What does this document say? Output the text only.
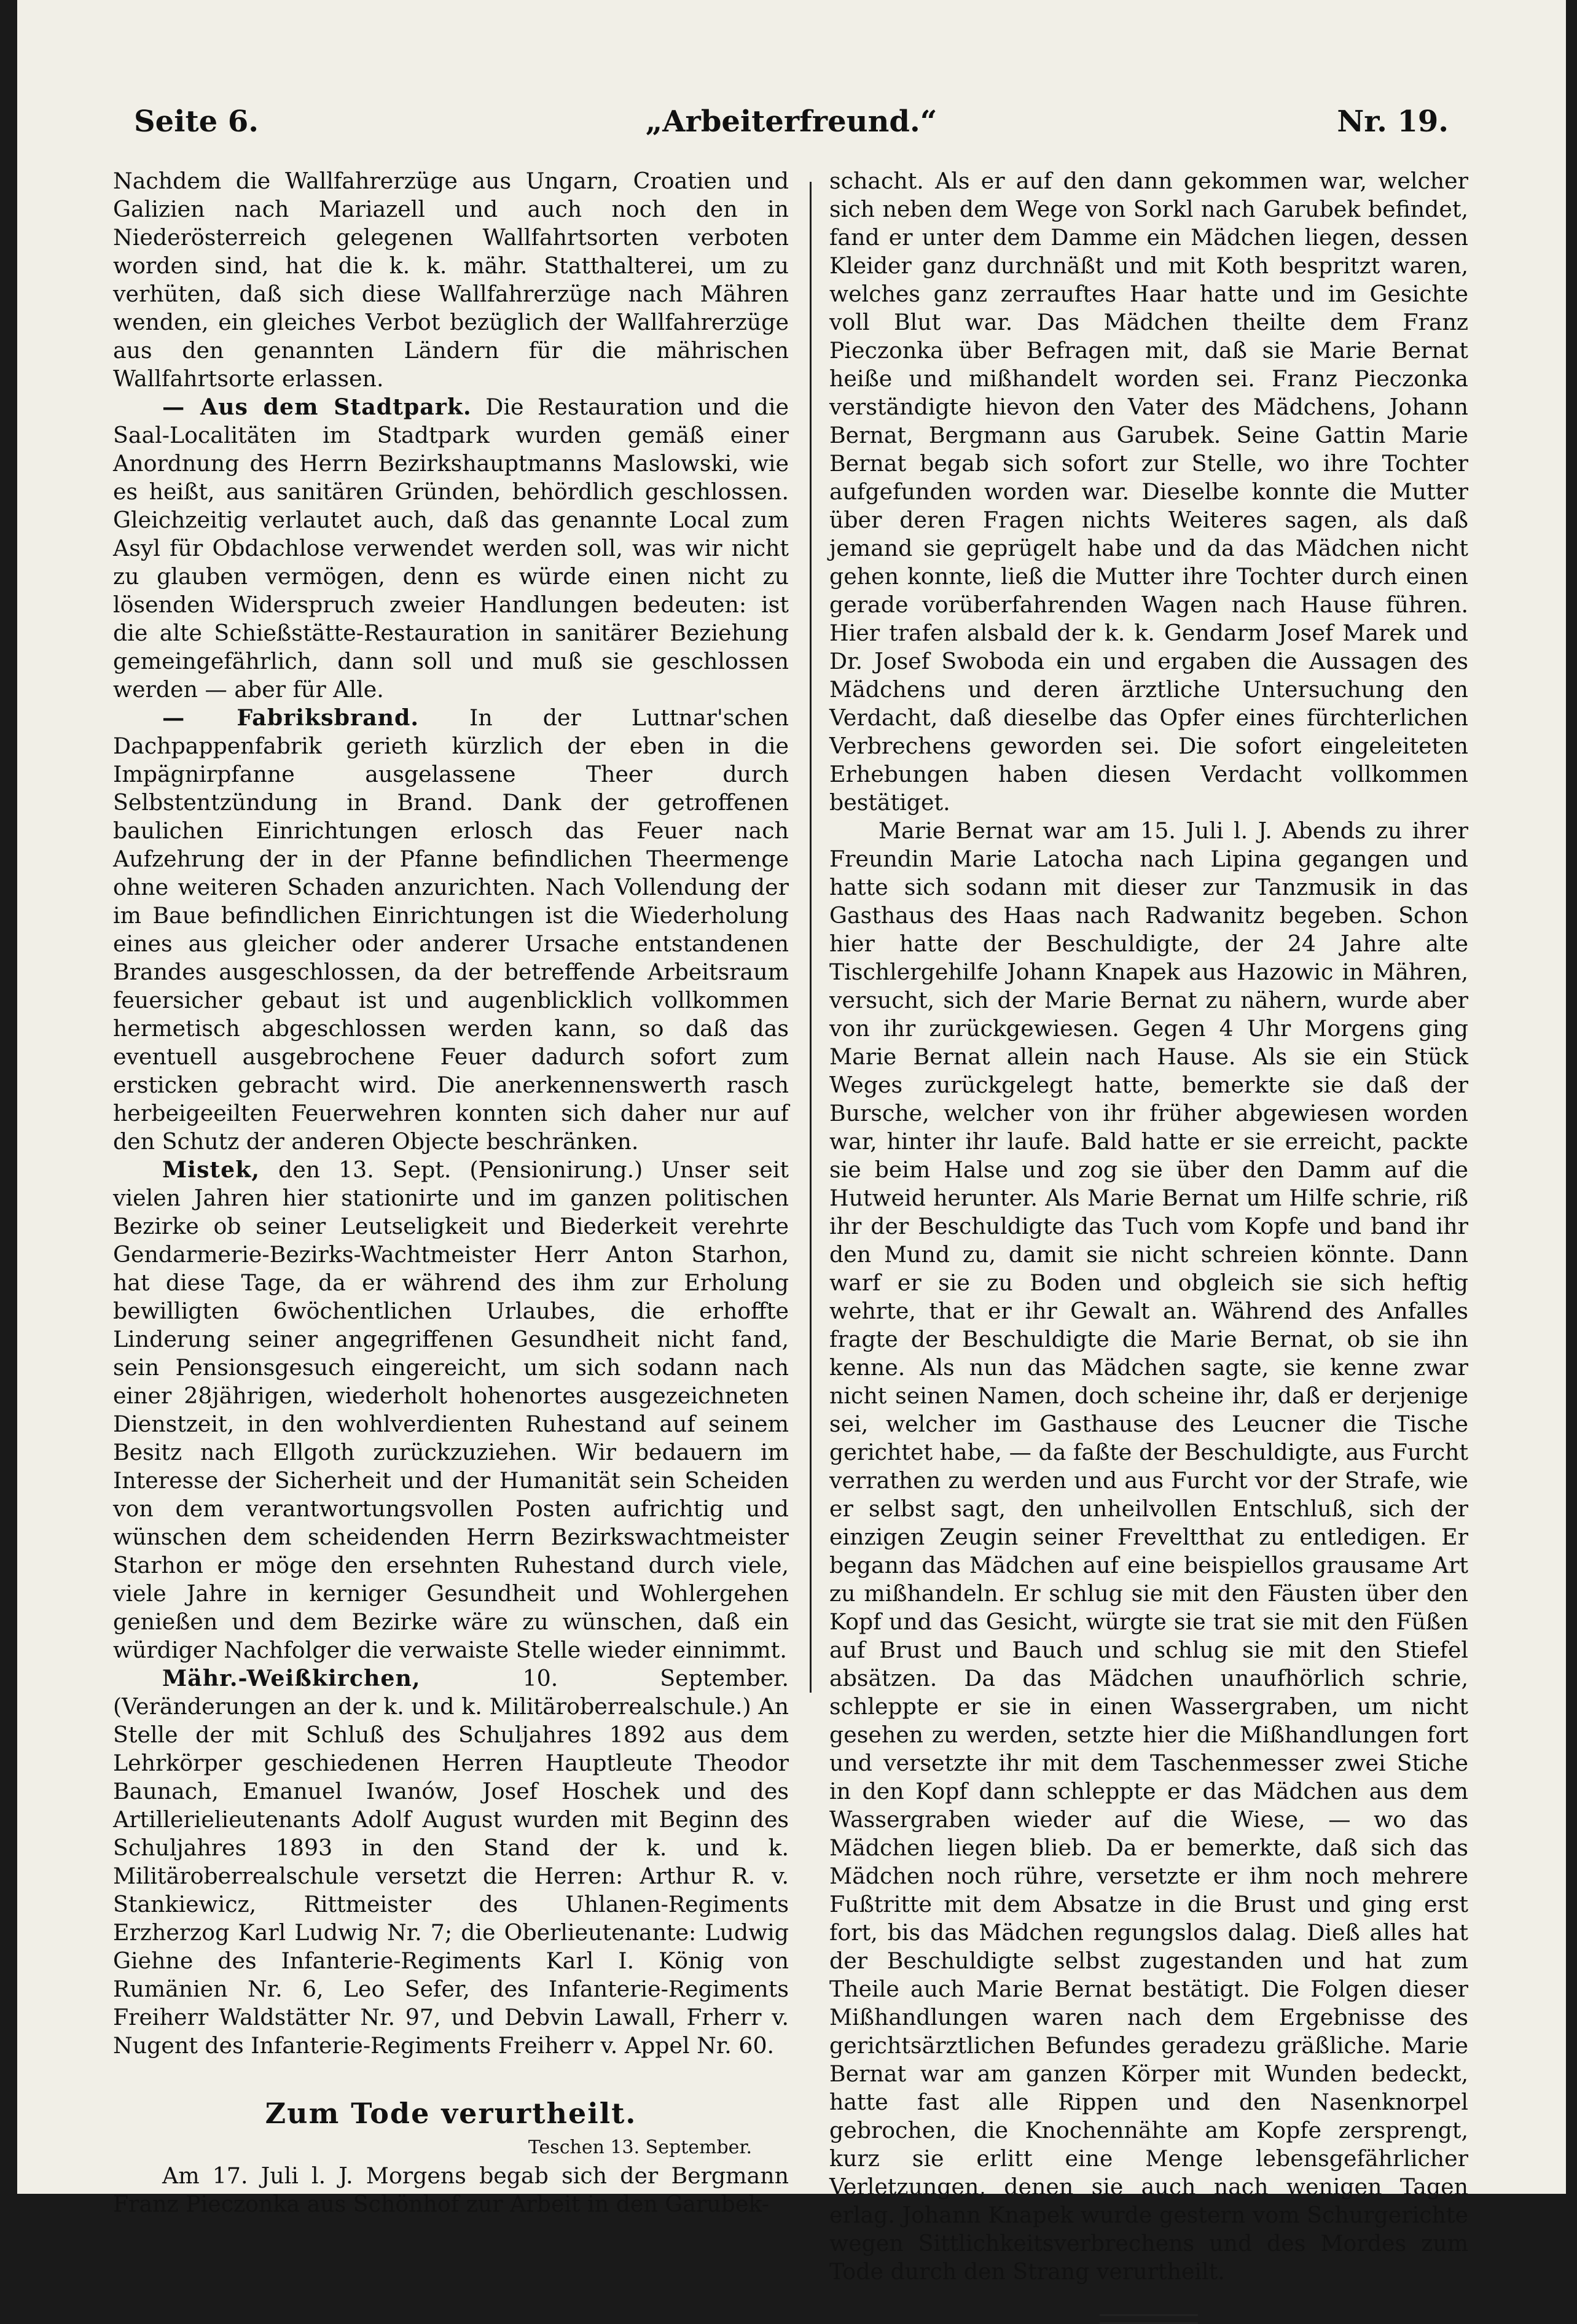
Seite 6.	„Arbeiterfreund.“	Nr. 19.

Nachdem die Wallfahrerzüge aus Ungarn, Croatien und Galizien nach Mariazell und auch noch den in Niederösterreich gelegenen Wallfahrtsorten verboten worden sind, hat die k. k. mähr. Statthalterei, um zu verhüten, daß sich diese Wallfahrerzüge nach Mähren wenden, ein gleiches Verbot bezüglich der Wallfahrerzüge aus den genannten Ländern für die mährischen Wallfahrtsorte erlassen.

— Aus dem Stadtpark. Die Restauration und die Saal-Localitäten im Stadtpark wurden gemäß einer Anordnung des Herrn Bezirkshauptmanns Maslowski, wie es heißt, aus sanitären Gründen, behördlich geschlossen. Gleichzeitig verlautet auch, daß das genannte Local zum Asyl für Obdachlose verwendet werden soll, was wir nicht zu glauben vermögen, denn es würde einen nicht zu lösenden Widerspruch zweier Handlungen bedeuten: ist die alte Schießstätte-Restauration in sanitärer Beziehung gemeingefährlich, dann soll und muß sie geschlossen werden — aber für Alle.

— Fabriksbrand. In der Luttnar'schen Dachpappenfabrik gerieth kürzlich der eben in die Impägnirpfanne ausgelassene Theer durch Selbstentzündung in Brand. Dank der getroffenen baulichen Einrichtungen erlosch das Feuer nach Aufzehrung der in der Pfanne befindlichen Theermenge ohne weiteren Schaden anzurichten. Nach Vollendung der im Baue befindlichen Einrichtungen ist die Wiederholung eines aus gleicher oder anderer Ursache entstandenen Brandes ausgeschlossen, da der betreffende Arbeitsraum feuersicher gebaut ist und augenblicklich vollkommen hermetisch abgeschlossen werden kann, so daß das eventuell ausgebrochene Feuer dadurch sofort zum ersticken gebracht wird. Die anerkennenswerth rasch herbeigeeilten Feuerwehren konnten sich daher nur auf den Schutz der anderen Objecte beschränken.

Mistek, den 13. Sept. (Pensionirung.) Unser seit vielen Jahren hier stationirte und im ganzen politischen Bezirke ob seiner Leutseligkeit und Biederkeit verehrte Gendarmerie-Bezirks-Wachtmeister Herr Anton Starhon, hat diese Tage, da er während des ihm zur Erholung bewilligten 6wöchentlichen Urlaubes, die erhoffte Linderung seiner angegriffenen Gesundheit nicht fand, sein Pensionsgesuch eingereicht, um sich sodann nach einer 28jährigen, wiederholt hohenortes ausgezeichneten Dienstzeit, in den wohlverdienten Ruhestand auf seinem Besitz nach Ellgoth zurückzuziehen. Wir bedauern im Interesse der Sicherheit und der Humanität sein Scheiden von dem verantwortungsvollen Posten aufrichtig und wünschen dem scheidenden Herrn Bezirkswachtmeister Starhon er möge den ersehnten Ruhestand durch viele, viele Jahre in kerniger Gesundheit und Wohlergehen genießen und dem Bezirke wäre zu wünschen, daß ein würdiger Nachfolger die verwaiste Stelle wieder einnimmt.

Mähr.-Weißkirchen,	10. September. (Veränderungen an der k. und k. Militäroberrealschule.) An Stelle der mit Schluß des Schuljahres 1892 aus dem Lehrkörper geschiedenen Herren Hauptleute Theodor Baunach, Emanuel Iwanów, Josef Hoschek und des Artillerielieutenants Adolf August wurden mit Beginn des Schuljahres 1893 in den Stand der k. und k. Militäroberrealschule versetzt die Herren: Arthur R. v. Stankiewicz, Rittmeister des Uhlanen-Regiments Erzherzog Karl Ludwig Nr. 7; die Oberlieutenante: Ludwig Giehne des Infanterie-Regiments Karl I. König von Rumänien Nr. 6, Leo Sefer, des Infanterie-Regiments Freiherr Waldstätter Nr. 97, und Debvin Lawall, Frherr v. Nugent des Infanterie-Regiments Freiherr v. Appel Nr. 60.

Zum Tode verurtheilt.
Teschen 13. September.

Am 17. Juli l. J. Morgens begab sich der Bergmann Franz Pieczonka aus Schönhof zur Arbeit in den Garubek-

schacht. Als er auf den dann gekommen war, welcher sich neben dem Wege von Sorkl nach Garubek befindet, fand er unter dem Damme ein Mädchen liegen, dessen Kleider ganz durchnäßt und mit Koth bespritzt waren, welches ganz zerrauftes Haar hatte und im Gesichte voll Blut war. Das Mädchen theilte dem Franz Pieczonka über Befragen mit, daß sie Marie Bernat heiße und mißhandelt worden sei. Franz Pieczonka verständigte hievon den Vater des Mädchens, Johann Bernat, Bergmann aus Garubek. Seine Gattin Marie Bernat begab sich sofort zur Stelle, wo ihre Tochter aufgefunden worden war. Dieselbe konnte die Mutter über deren Fragen nichts Weiteres sagen, als daß jemand sie geprügelt habe und da das Mädchen nicht gehen konnte, ließ die Mutter ihre Tochter durch einen gerade vorüberfahrenden Wagen nach Hause führen. Hier trafen alsbald der k. k. Gendarm Josef Marek und Dr. Josef Swoboda ein und ergaben die Aussagen des Mädchens und deren ärztliche Untersuchung den Verdacht, daß dieselbe das Opfer eines fürchterlichen Verbrechens geworden sei. Die sofort eingeleiteten Erhebungen haben diesen Verdacht vollkommen bestätiget.

Marie Bernat war am 15. Juli l. J. Abends zu ihrer Freundin Marie Latocha nach Lipina gegangen und hatte sich sodann mit dieser zur Tanzmusik in das Gasthaus des Haas nach Radwanitz begeben. Schon hier hatte der Beschuldigte, der 24 Jahre alte Tischlergehilfe Johann Knapek aus Hazowic in Mähren, versucht, sich der Marie Bernat zu nähern, wurde aber von ihr zurückgewiesen. Gegen 4 Uhr Morgens ging Marie Bernat allein nach Hause. Als sie ein Stück Weges zurückgelegt hatte, bemerkte sie daß der Bursche, welcher von ihr früher abgewiesen worden war, hinter ihr laufe. Bald hatte er sie erreicht, packte sie beim Halse und zog sie über den Damm auf die Hutweid herunter. Als Marie Bernat um Hilfe schrie, riß ihr der Beschuldigte das Tuch vom Kopfe und band ihr den Mund zu, damit sie nicht schreien könnte. Dann warf er sie zu Boden und obgleich sie sich heftig wehrte, that er ihr Gewalt an. Während des Anfalles fragte der Beschuldigte die Marie Bernat, ob sie ihn kenne. Als nun das Mädchen sagte, sie kenne zwar nicht seinen Namen, doch scheine ihr, daß er derjenige sei, welcher im Gasthause des Leucner die Tische gerichtet habe, — da faßte der Beschuldigte, aus Furcht verrathen zu werden und aus Furcht vor der Strafe, wie er selbst sagt, den unheilvollen Entschluß, sich der einzigen Zeugin seiner Freveltthat zu entledigen. Er begann das Mädchen auf eine beispiellos grausame Art zu mißhandeln. Er schlug sie mit den Fäusten über den Kopf und das Gesicht, würgte sie trat sie mit den Füßen auf Brust und Bauch und schlug sie mit den Stiefel absätzen. Da das Mädchen unaufhörlich schrie, schleppte er sie in einen Wassergraben, um nicht gesehen zu werden, setzte hier die Mißhandlungen fort und versetzte ihr mit dem Taschenmesser zwei Stiche in den Kopf dann schleppte er das Mädchen aus dem Wassergraben wieder auf die Wiese, — wo das Mädchen liegen blieb. Da er bemerkte, daß sich das Mädchen noch rühre, versetzte er ihm noch mehrere Fußtritte mit dem Absatze in die Brust und ging erst fort, bis das Mädchen regungslos dalag. Dieß alles hat der Beschuldigte selbst zugestanden und hat zum Theile auch Marie Bernat bestätigt. Die Folgen dieser Mißhandlungen waren nach dem Ergebnisse des gerichtsärztlichen Befundes geradezu gräßliche. Marie Bernat war am ganzen Körper mit Wunden bedeckt, hatte fast alle Rippen und den Nasenknorpel gebrochen, die Knochennähte am Kopfe zersprengt, kurz sie erlitt eine Menge lebensgefährlicher Verletzungen, denen sie auch nach wenigen Tagen erlag. Johann Knapek wurde gestern vom Schurgerichte wegen Sittlichkeitsverbrechens und des Mordes zum Tode durch den Strang verurtheilt.
